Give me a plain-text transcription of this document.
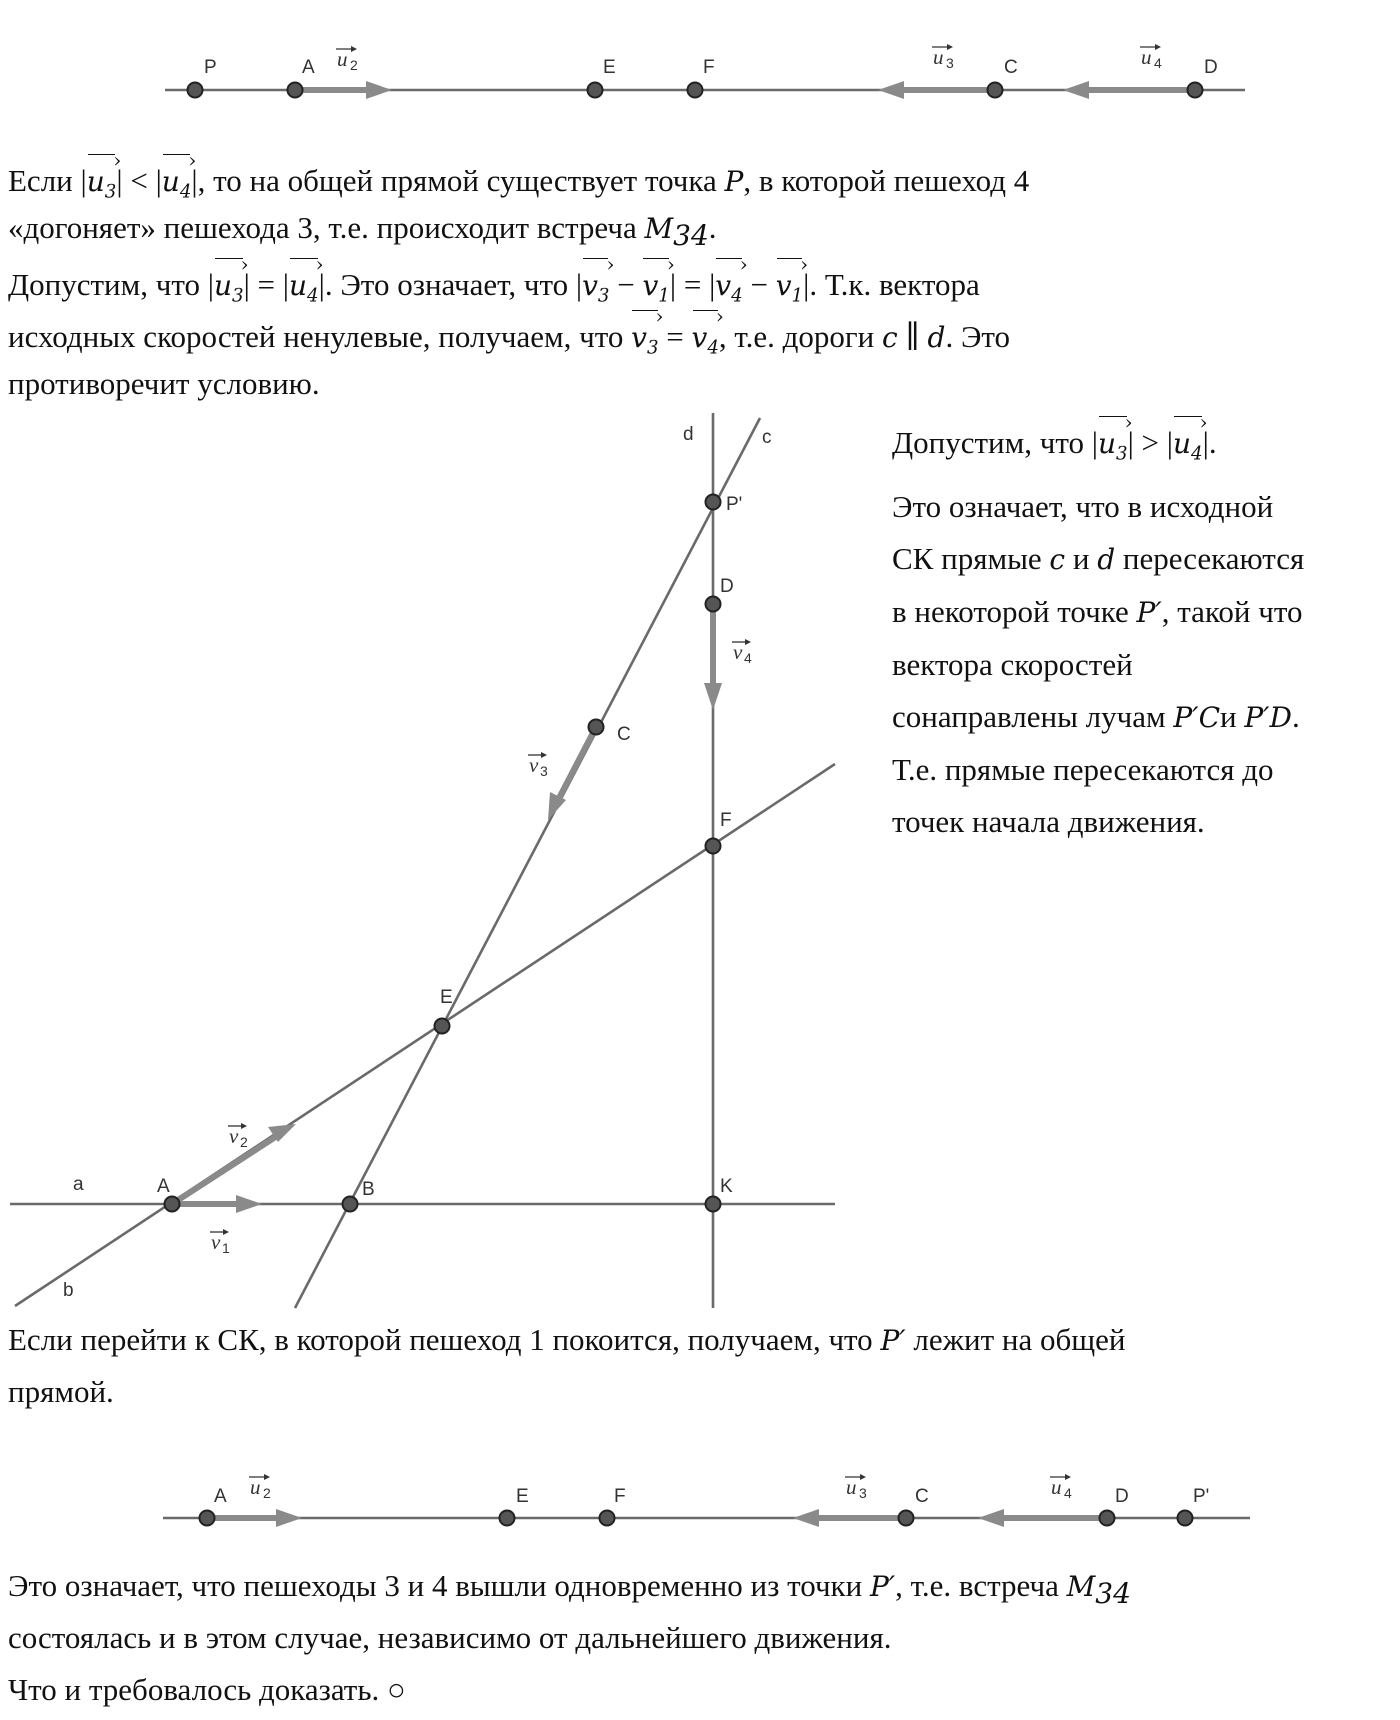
P	A	E	F	C	D
u 2	u 3	u 4
Если $|u_3$ ›| < $|u_4$ ›|, то на общей прямой существует точка P, в которой пешеход 4
«догоняет» пешехода 3, т.е. происходит встреча $M_{34}$.
Допустим, что $|u_3$ ›| = $|u_4$ ›|. Это означает, что $|v_3$ › − $v_1$ ›| = $|v_4$ › − $v_1$ ›|. Т.к. вектора
исходных скоростей ненулевые, получаем, что $v_3$ › = $v_4$ ›, т.е. дороги c ∥ d. Это
противоречит условию.
a
b
c
d
A	B
E
C
D
F
K
P'
v 1
v 2
v 3
v 4
Допустим, что $|u_3$ ›| > $|u_4$ ›|.
Это означает, что в исходной
СК прямые c и d пересекаются
в некоторой точке P′, такой что
вектора скоростей
сонаправлены лучам P′Cи P′D.
Т.е. прямые пересекаются до
точек начала движения.
Если перейти к СК, в которой пешеход 1 покоится, получаем, что P′ лежит на общей
прямой.
A	E	F	C	D	P'
u 2	u 3	u 4
Это означает, что пешеходы 3 и 4 вышли одновременно из точки P′, т.е. встреча $M_{34}$
состоялась и в этом случае, независимо от дальнейшего движения.
Что и требовалось доказать. ○
